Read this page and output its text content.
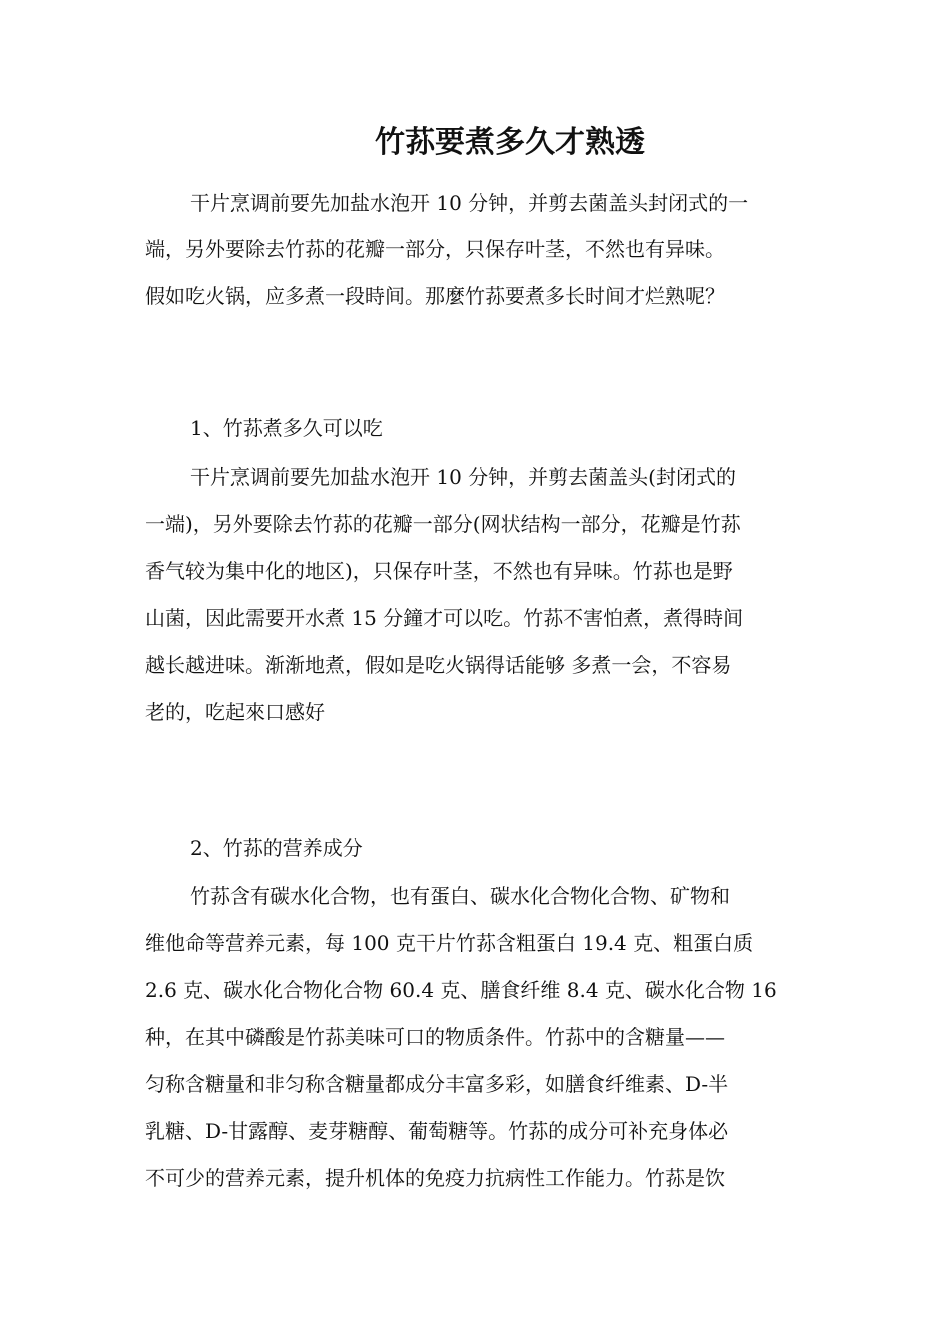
竹荪要煮多久才熟透

干片烹调前要先加盐水泡开 10 分钟，并剪去菌盖头封闭式的一

端，另外要除去竹荪的花瓣一部分，只保存叶茎，不然也有异味。

假如吃火锅，应多煮一段時间。那麼竹荪要煮多长时间才烂熟呢？

1、竹荪煮多久可以吃

干片烹调前要先加盐水泡开 10 分钟，并剪去菌盖头(封闭式的

一端)，另外要除去竹荪的花瓣一部分(网状结构一部分，花瓣是竹荪

香气较为集中化的地区)，只保存叶茎，不然也有异味。竹荪也是野

山菌，因此需要开水煮 15 分鐘才可以吃。竹荪不害怕煮，煮得時间

越长越进味。渐渐地煮，假如是吃火锅得话能够 多煮一会，不容易

老的，吃起來口感好

2、竹荪的营养成分

竹荪含有碳水化合物，也有蛋白、碳水化合物化合物、矿物和

维他命等营养元素，每 100 克干片竹荪含粗蛋白 19.4 克、粗蛋白质

2.6 克、碳水化合物化合物 60.4 克、膳食纤维 8.4 克、碳水化合物 16

种，在其中磷酸是竹荪美味可口的物质条件。竹荪中的含糖量——

匀称含糖量和非匀称含糖量都成分丰富多彩，如膳食纤维素、D-半

乳糖、D-甘露醇、麦芽糖醇、葡萄糖等。竹荪的成分可补充身体必

不可少的营养元素，提升机体的免疫力抗病性工作能力。竹荪是饮
